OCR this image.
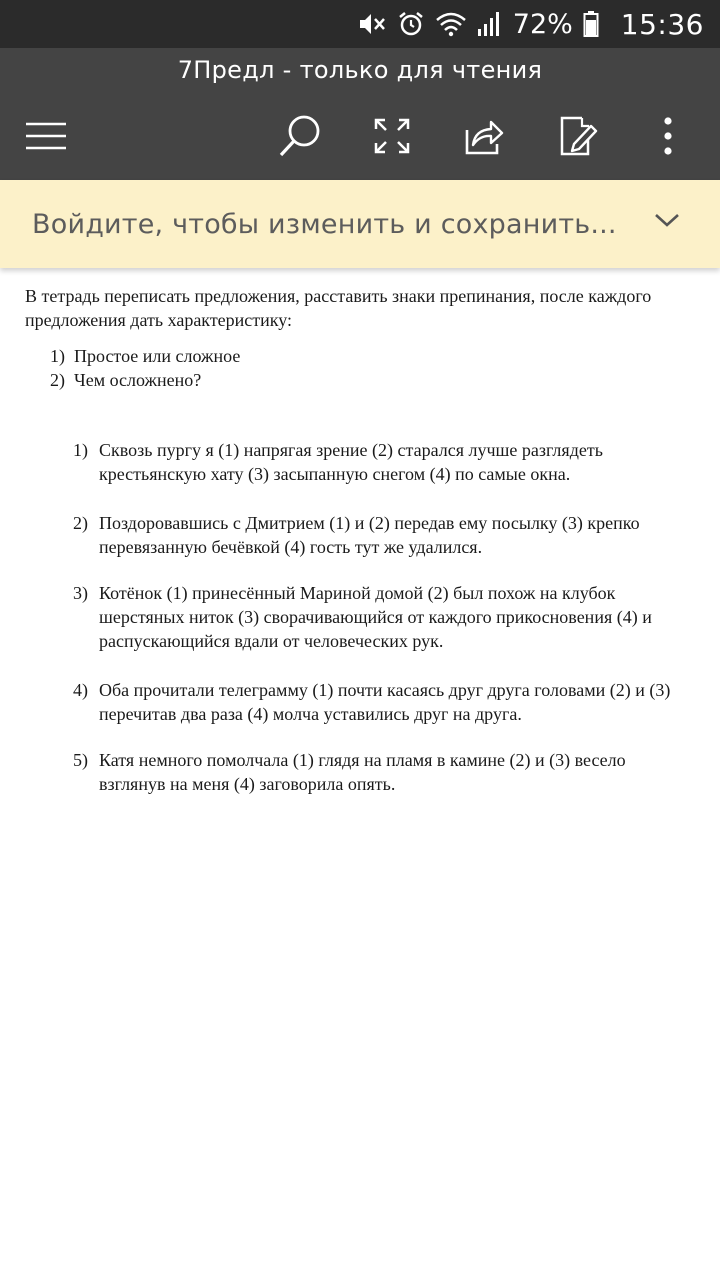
72% 15:36
7Предл - только для чтения
Войдите, чтобы изменить и сохранить...
В тетрадь переписать предложения, расставить знаки препинания, после каждого предложения дать характеристику:
1) Простое или сложное
2) Чем осложнено?
1) Сквозь пургу я (1) напрягая зрение (2) старался лучше разглядеть крестьянскую хату (3) засыпанную снегом (4) по самые окна.
2) Поздоровавшись с Дмитрием (1) и (2) передав ему посылку (3) крепко перевязанную бечёвкой (4) гость тут же удалился.
3) Котёнок (1) принесённый Мариной домой (2) был похож на клубок шерстяных ниток (3) сворачивающийся от каждого прикосновения (4) и распускающийся вдали от человеческих рук.
4) Оба прочитали телеграмму (1) почти касаясь друг друга головами (2) и (3) перечитав два раза (4) молча уставились друг на друга.
5) Катя немного помолчала (1) глядя на пламя в камине (2) и (3) весело взглянув на меня (4) заговорила опять.
